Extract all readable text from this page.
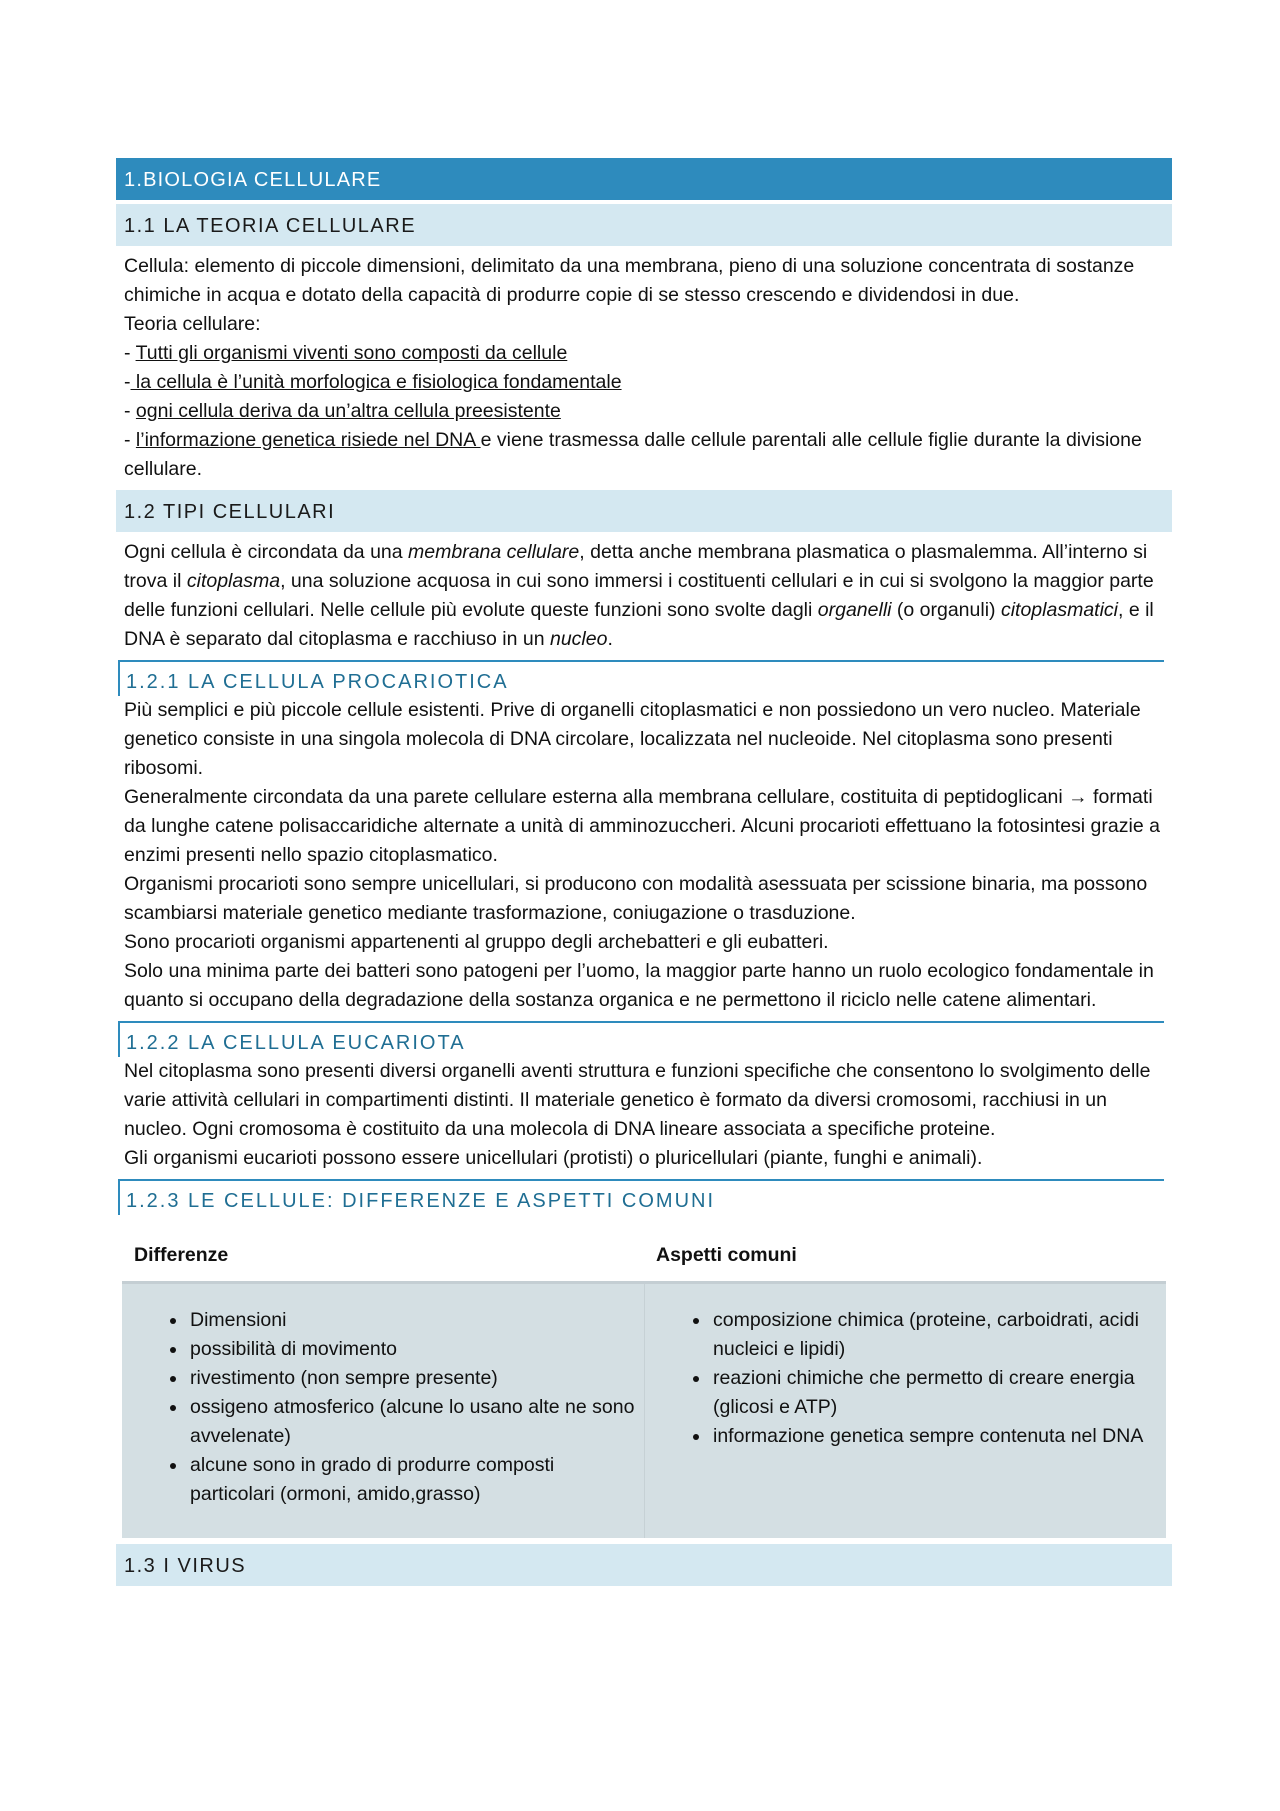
1.BIOLOGIA CELLULARE
1.1 LA TEORIA CELLULARE
Cellula: elemento di piccole dimensioni, delimitato da una membrana, pieno di una soluzione concentrata di sostanze chimiche in acqua e dotato della capacità di produrre copie di se stesso crescendo e dividendosi in due.
Teoria cellulare:
- Tutti gli organismi viventi sono composti da cellule
- la cellula è l’unità morfologica e fisiologica fondamentale
- ogni cellula deriva da un’altra cellula preesistente
- l’informazione genetica risiede nel DNA e viene trasmessa dalle cellule parentali alle cellule figlie durante la divisione cellulare.
1.2 TIPI CELLULARI
Ogni cellula è circondata da una membrana cellulare, detta anche membrana plasmatica o plasmalemma. All’interno si trova il citoplasma, una soluzione acquosa in cui sono immersi i costituenti cellulari e in cui si svolgono la maggior parte delle funzioni cellulari. Nelle cellule più evolute queste funzioni sono svolte dagli organelli (o organuli) citoplasmatici, e il DNA è separato dal citoplasma e racchiuso in un nucleo.
1.2.1 LA CELLULA PROCARIOTICA
Più semplici e più piccole cellule esistenti. Prive di organelli citoplasmatici e non possiedono un vero nucleo. Materiale genetico consiste in una singola molecola di DNA circolare, localizzata nel nucleoide. Nel citoplasma sono presenti ribosomi.
Generalmente circondata da una parete cellulare esterna alla membrana cellulare, costituita di peptidoglicani → formati da lunghe catene polisaccaridiche alternate a unità di amminozuccheri. Alcuni procarioti effettuano la fotosintesi grazie a enzimi presenti nello spazio citoplasmatico.
Organismi procarioti sono sempre unicellulari, si producono con modalità asessuata per scissione binaria, ma possono scambiarsi materiale genetico mediante trasformazione, coniugazione o trasduzione.
Sono procarioti organismi appartenenti al gruppo degli archebatteri e gli eubatteri.
Solo una minima parte dei batteri sono patogeni per l’uomo, la maggior parte hanno un ruolo ecologico fondamentale in quanto si occupano della degradazione della sostanza organica e ne permettono il riciclo nelle catene alimentari.
1.2.2 LA CELLULA EUCARIOTA
Nel citoplasma sono presenti diversi organelli aventi struttura e funzioni specifiche che consentono lo svolgimento delle varie attività cellulari in compartimenti distinti. Il materiale genetico è formato da diversi cromosomi, racchiusi in un nucleo. Ogni cromosoma è costituito da una molecola di DNA lineare associata a specifiche proteine.
Gli organismi eucarioti possono essere unicellulari (protisti) o pluricellulari (piante, funghi e animali).
1.2.3 LE CELLULE: DIFFERENZE E ASPETTI COMUNI
Differenze	Aspetti comuni
• Dimensioni
• possibilità di movimento
• rivestimento (non sempre presente)
• ossigeno atmosferico (alcune lo usano alte ne sono avvelenate)
• alcune sono in grado di produrre composti particolari (ormoni, amido,grasso)
• composizione chimica (proteine, carboidrati, acidi nucleici e lipidi)
• reazioni chimiche che permetto di creare energia (glicosi e ATP)
• informazione genetica sempre contenuta nel DNA
1.3 I VIRUS
